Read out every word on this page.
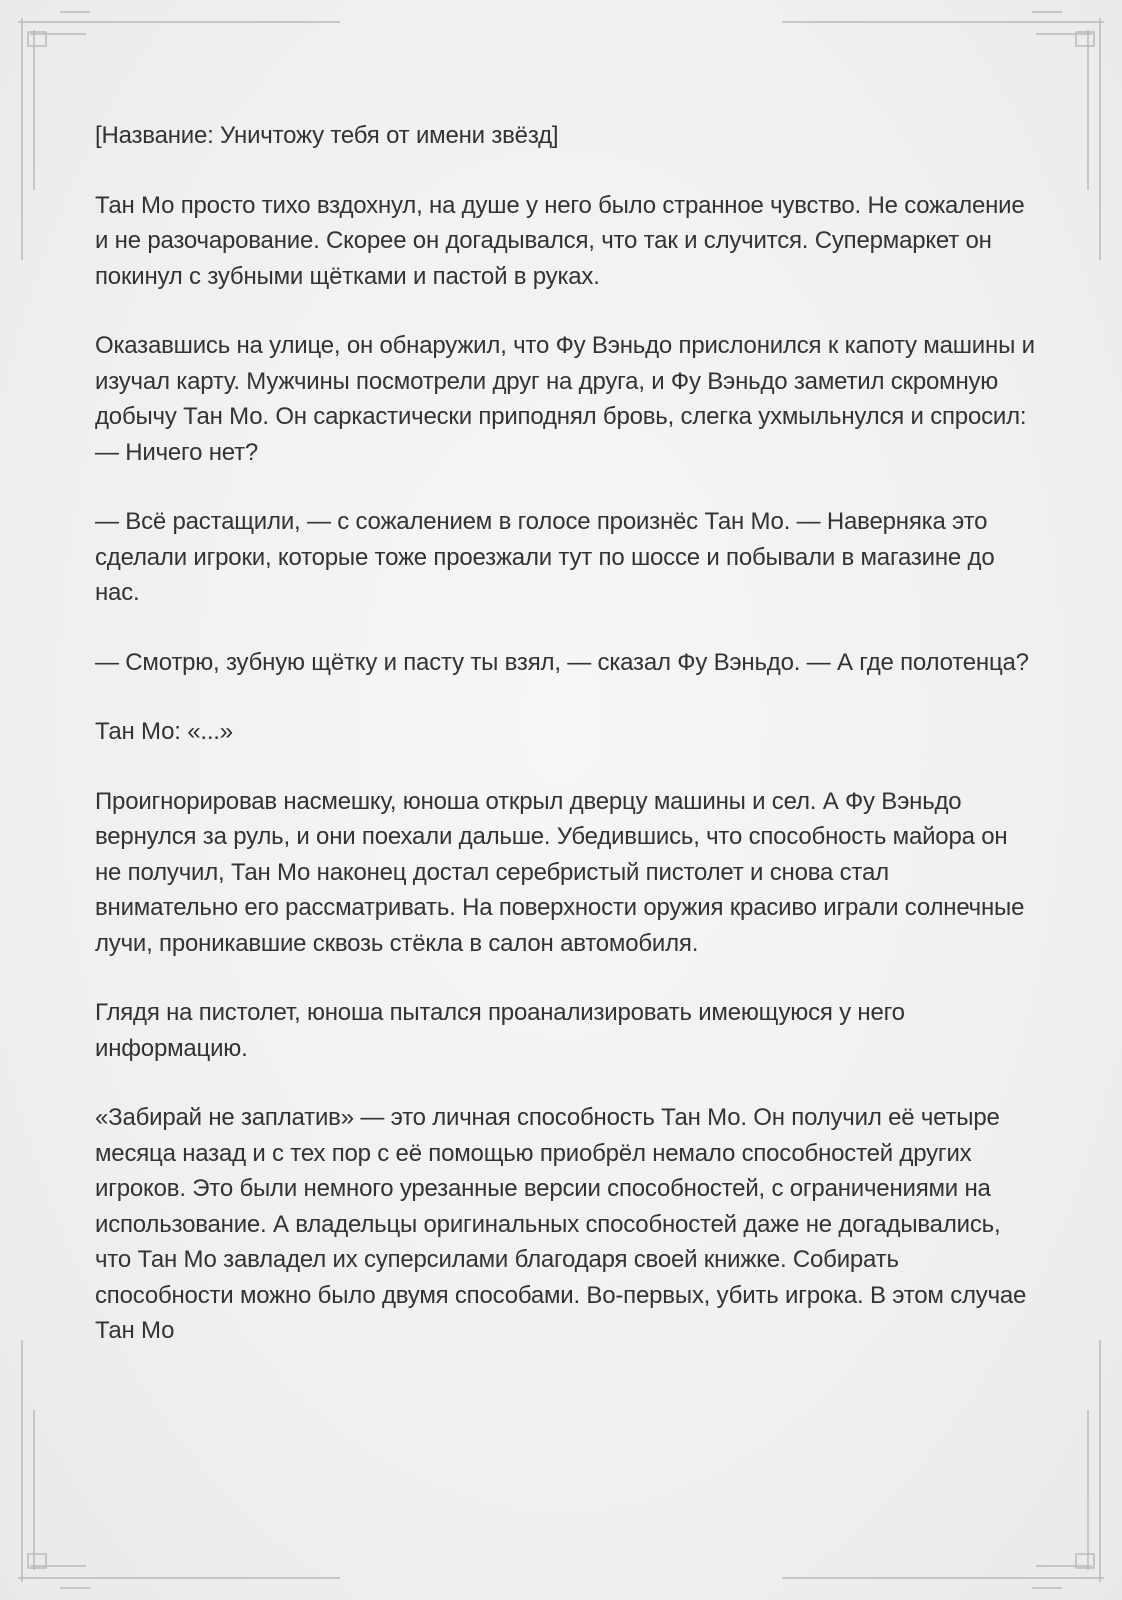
[Название: Уничтожу тебя от имени звёзд]

Тан Мо просто тихо вздохнул, на душе у него было странное чувство. Не сожаление и не разочарование. Скорее он догадывался, что так и случится. Супермаркет он покинул с зубными щётками и пастой в руках.

Оказавшись на улице, он обнаружил, что Фу Вэньдо прислонился к капоту машины и изучал карту. Мужчины посмотрели друг на друга, и Фу Вэньдо заметил скромную добычу Тан Мо. Он саркастически приподнял бровь, слегка ухмыльнулся и спросил:
— Ничего нет?

— Всё растащили, — с сожалением в голосе произнёс Тан Мо. — Наверняка это сделали игроки, которые тоже проезжали тут по шоссе и побывали в магазине до нас.

— Смотрю, зубную щётку и пасту ты взял, — сказал Фу Вэньдо. — А где полотенца?

Тан Мо: «...»

Проигнорировав насмешку, юноша открыл дверцу машины и сел. А Фу Вэньдо вернулся за руль, и они поехали дальше. Убедившись, что способность майора он не получил, Тан Мо наконец достал серебристый пистолет и снова стал внимательно его рассматривать. На поверхности оружия красиво играли солнечные лучи, проникавшие сквозь стёкла в салон автомобиля.

Глядя на пистолет, юноша пытался проанализировать имеющуюся у него информацию.

«Забирай не заплатив» — это личная способность Тан Мо. Он получил её четыре месяца назад и с тех пор с её помощью приобрёл немало способностей других игроков. Это были немного урезанные версии способностей, с ограничениями на использование. А владельцы оригинальных способностей даже не догадывались, что Тан Мо завладел их суперсилами благодаря своей книжке. Собирать способности можно было двумя способами. Во-первых, убить игрока. В этом случае Тан Мо
